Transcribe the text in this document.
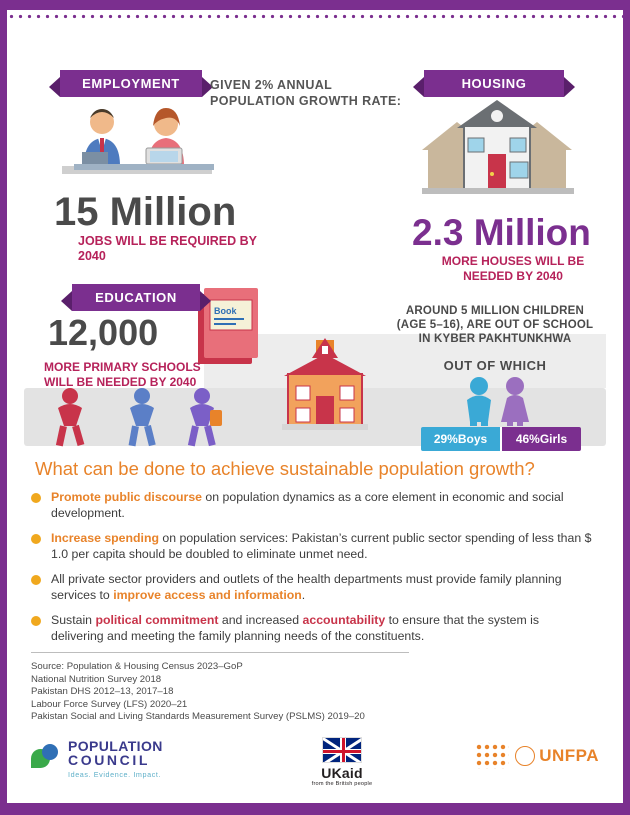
Book
EMPLOYMENT	HOUSING
EDUCATION
GIVEN 2% ANNUAL POPULATION GROWTH RATE:
15 Million
JOBS WILL BE REQUIRED BY 2040
2.3 Million
MORE HOUSES WILL BE NEEDED BY 2040
12,000
MORE PRIMARY SCHOOLS WILL BE NEEDED BY 2040
AROUND 5 MILLION CHILDREN (AGE 5–16), ARE OUT OF SCHOOL IN KYBER PAKHTUNKHWA
OUT OF WHICH
29%Boys	46%Girls
What can be done to achieve sustainable population growth?
Promote public discourse on population dynamics as a core element in economic and social development.
Increase spending on population services: Pakistan’s current public sector spending of less than $ 1.0 per capita should be doubled to eliminate unmet need.
All private sector providers and outlets of the health departments must provide family planning services to improve access and information.
Sustain political commitment and increased accountability to ensure that the system is delivering and meeting the family planning needs of the constituents.
Source: Population & Housing Census 2023–GoP
National Nutrition Survey 2018
Pakistan DHS 2012–13, 2017–18
Labour Force Survey (LFS) 2020–21
Pakistan Social and Living Standards Measurement Survey (PSLMS) 2019–20
POPULATION
COUNCIL
Ideas. Evidence. Impact.	UKaid
from the British people
UNFPA
